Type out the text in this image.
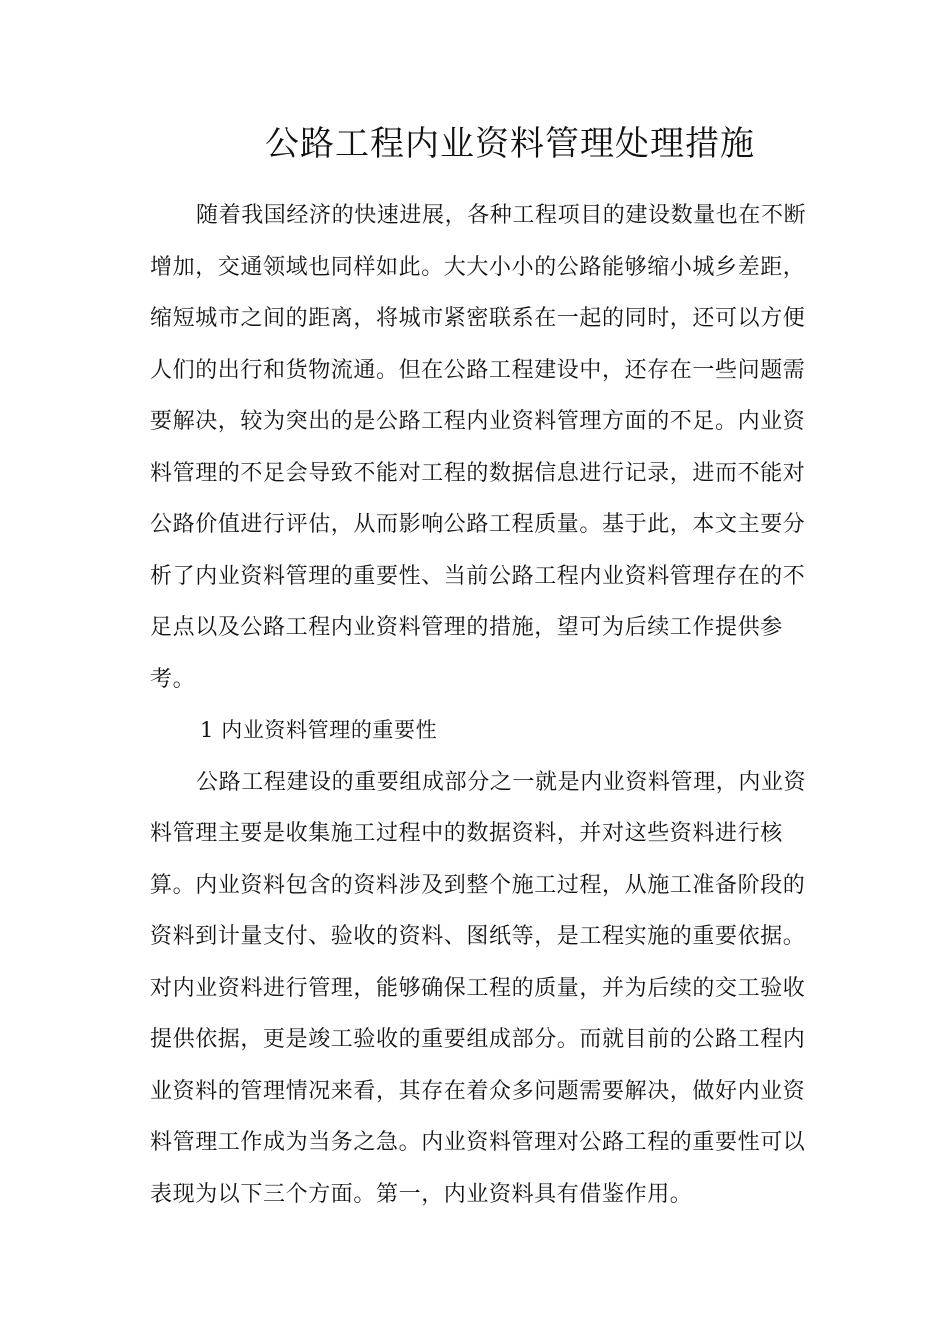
公路工程内业资料管理处理措施
随着我国经济的快速进展，各种工程项目的建设数量也在不断
增加，交通领域也同样如此。大大小小的公路能够缩小城乡差距，
缩短城市之间的距离，将城市紧密联系在一起的同时，还可以方便
人们的出行和货物流通。但在公路工程建设中，还存在一些问题需
要解决，较为突出的是公路工程内业资料管理方面的不足。内业资
料管理的不足会导致不能对工程的数据信息进行记录，进而不能对
公路价值进行评估，从而影响公路工程质量。基于此，本文主要分
析了内业资料管理的重要性、当前公路工程内业资料管理存在的不
足点以及公路工程内业资料管理的措施，望可为后续工作提供参
考。
1 内业资料管理的重要性
公路工程建设的重要组成部分之一就是内业资料管理，内业资
料管理主要是收集施工过程中的数据资料，并对这些资料进行核
算。内业资料包含的资料涉及到整个施工过程，从施工准备阶段的
资料到计量支付、验收的资料、图纸等，是工程实施的重要依据。
对内业资料进行管理，能够确保工程的质量，并为后续的交工验收
提供依据，更是竣工验收的重要组成部分。而就目前的公路工程内
业资料的管理情况来看，其存在着众多问题需要解决，做好内业资
料管理工作成为当务之急。内业资料管理对公路工程的重要性可以
表现为以下三个方面。第一，内业资料具有借鉴作用。
